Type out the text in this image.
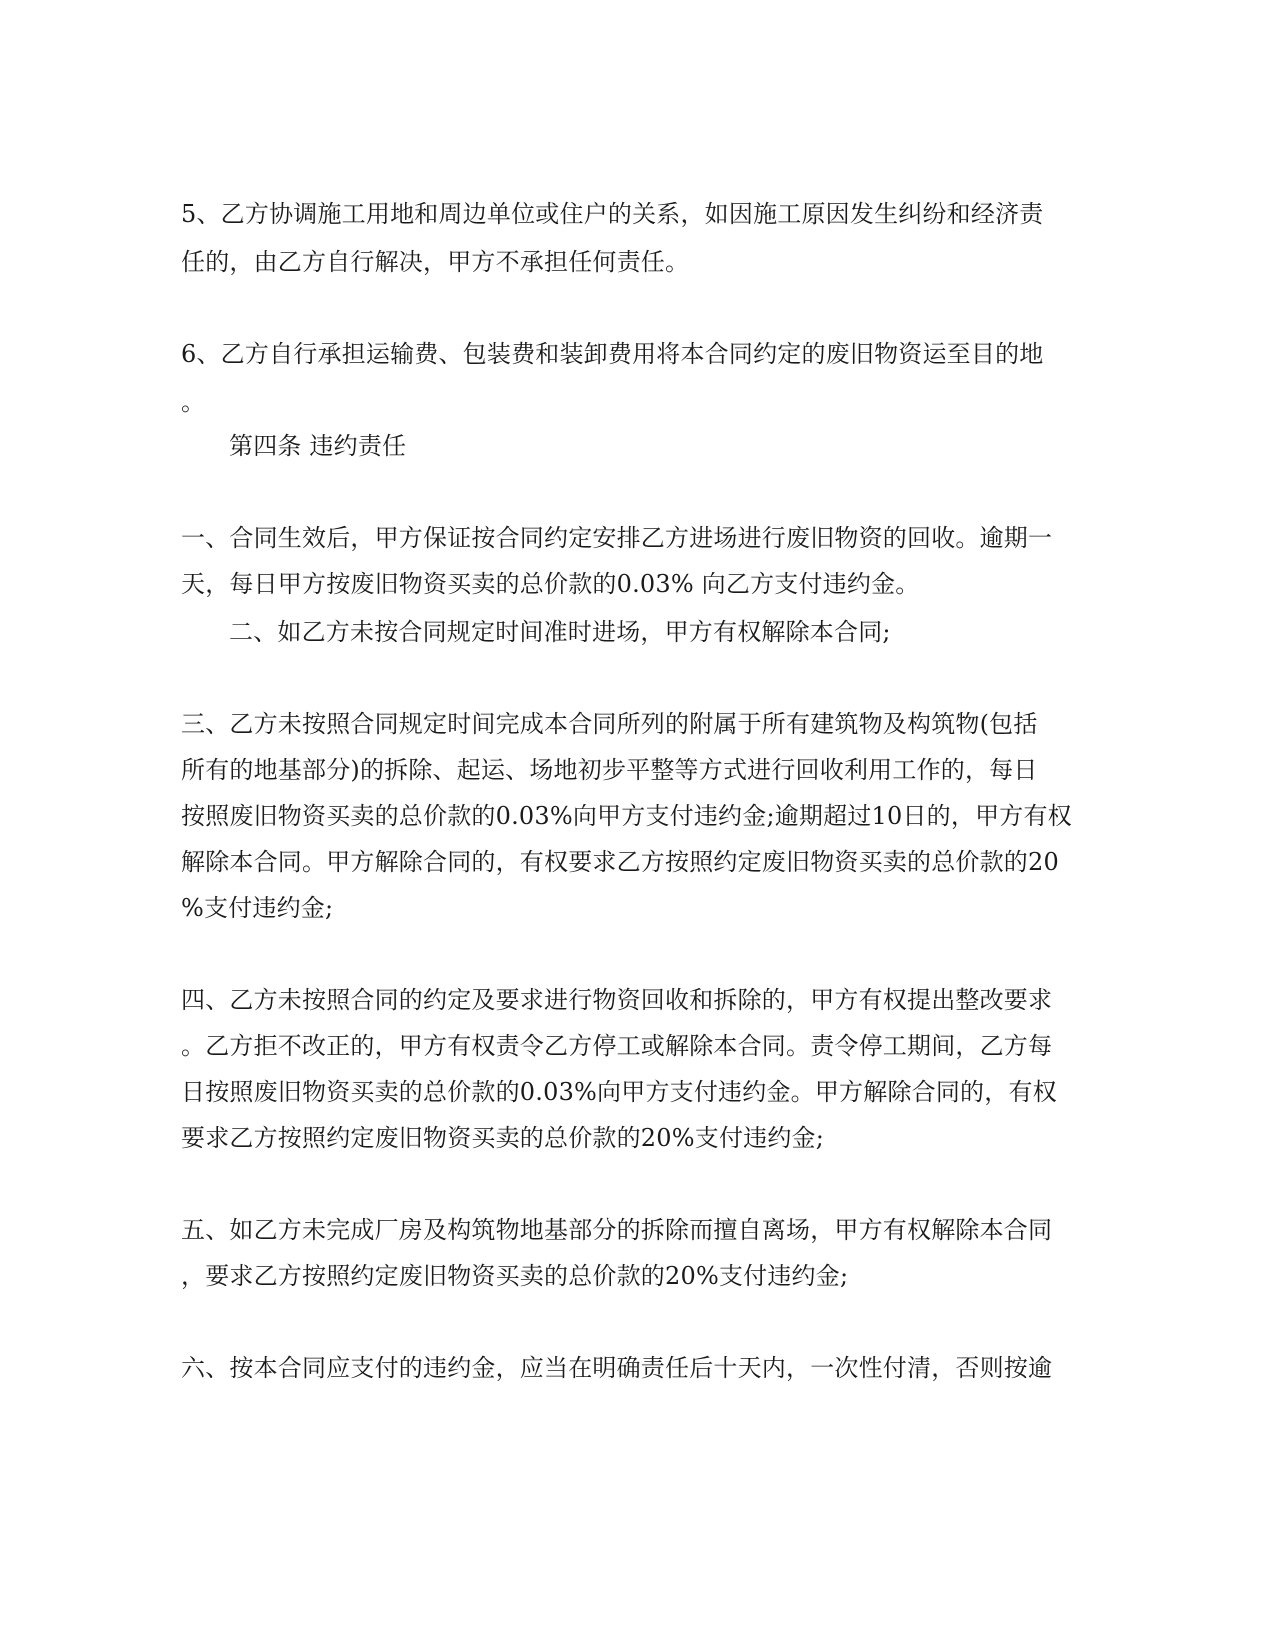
5、乙方协调施工用地和周边单位或住户的关系，如因施工原因发生纠纷和经济责
任的，由乙方自行解决，甲方不承担任何责任。
6、乙方自行承担运输费、包装费和装卸费用将本合同约定的废旧物资运至目的地
。
第四条 违约责任
一、合同生效后，甲方保证按合同约定安排乙方进场进行废旧物资的回收。逾期一
天，每日甲方按废旧物资买卖的总价款的0.03% 向乙方支付违约金。
二、如乙方未按合同规定时间准时进场，甲方有权解除本合同;
三、乙方未按照合同规定时间完成本合同所列的附属于所有建筑物及构筑物(包括
所有的地基部分)的拆除、起运、场地初步平整等方式进行回收利用工作的，每日
按照废旧物资买卖的总价款的0.03%向甲方支付违约金;逾期超过10日的，甲方有权
解除本合同。甲方解除合同的，有权要求乙方按照约定废旧物资买卖的总价款的20
%支付违约金;
四、乙方未按照合同的约定及要求进行物资回收和拆除的，甲方有权提出整改要求
。乙方拒不改正的，甲方有权责令乙方停工或解除本合同。责令停工期间，乙方每
日按照废旧物资买卖的总价款的0.03%向甲方支付违约金。甲方解除合同的，有权
要求乙方按照约定废旧物资买卖的总价款的20%支付违约金;
五、如乙方未完成厂房及构筑物地基部分的拆除而擅自离场，甲方有权解除本合同
，要求乙方按照约定废旧物资买卖的总价款的20%支付违约金;
六、按本合同应支付的违约金，应当在明确责任后十天内，一次性付清，否则按逾
